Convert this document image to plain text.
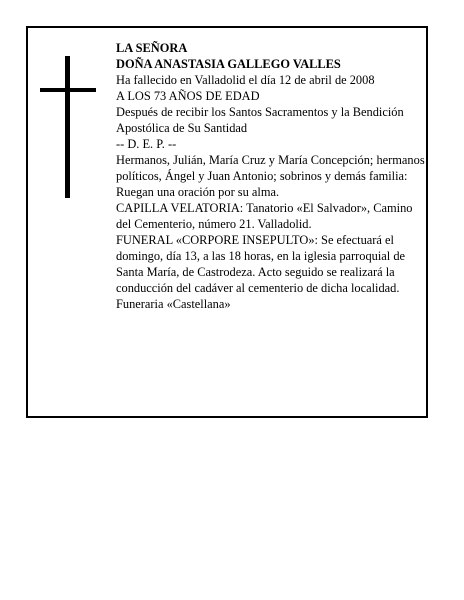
LA SEÑORA

DOÑA ANASTASIA GALLEGO VALLES

Ha fallecido en Valladolid el día 12 de abril de 2008

A LOS 73 AÑOS DE EDAD

Después de recibir los Santos Sacramentos y la Bendición Apostólica de Su Santidad

-- D. E. P. --

Hermanos, Julián, María Cruz y María Concepción; hermanos políticos, Ángel y Juan Antonio; sobrinos y demás familia:

Ruegan una oración por su alma.

CAPILLA VELATORIA: Tanatorio «El Salvador», Camino del Cementerio, número 21. Valladolid.

FUNERAL «CORPORE INSEPULTO»: Se efectuará el domingo, día 13, a las 18 horas, en la iglesia parroquial de Santa María, de Castrodeza. Acto seguido se realizará la conducción del cadáver al cementerio de dicha localidad.

Funeraria «Castellana»
